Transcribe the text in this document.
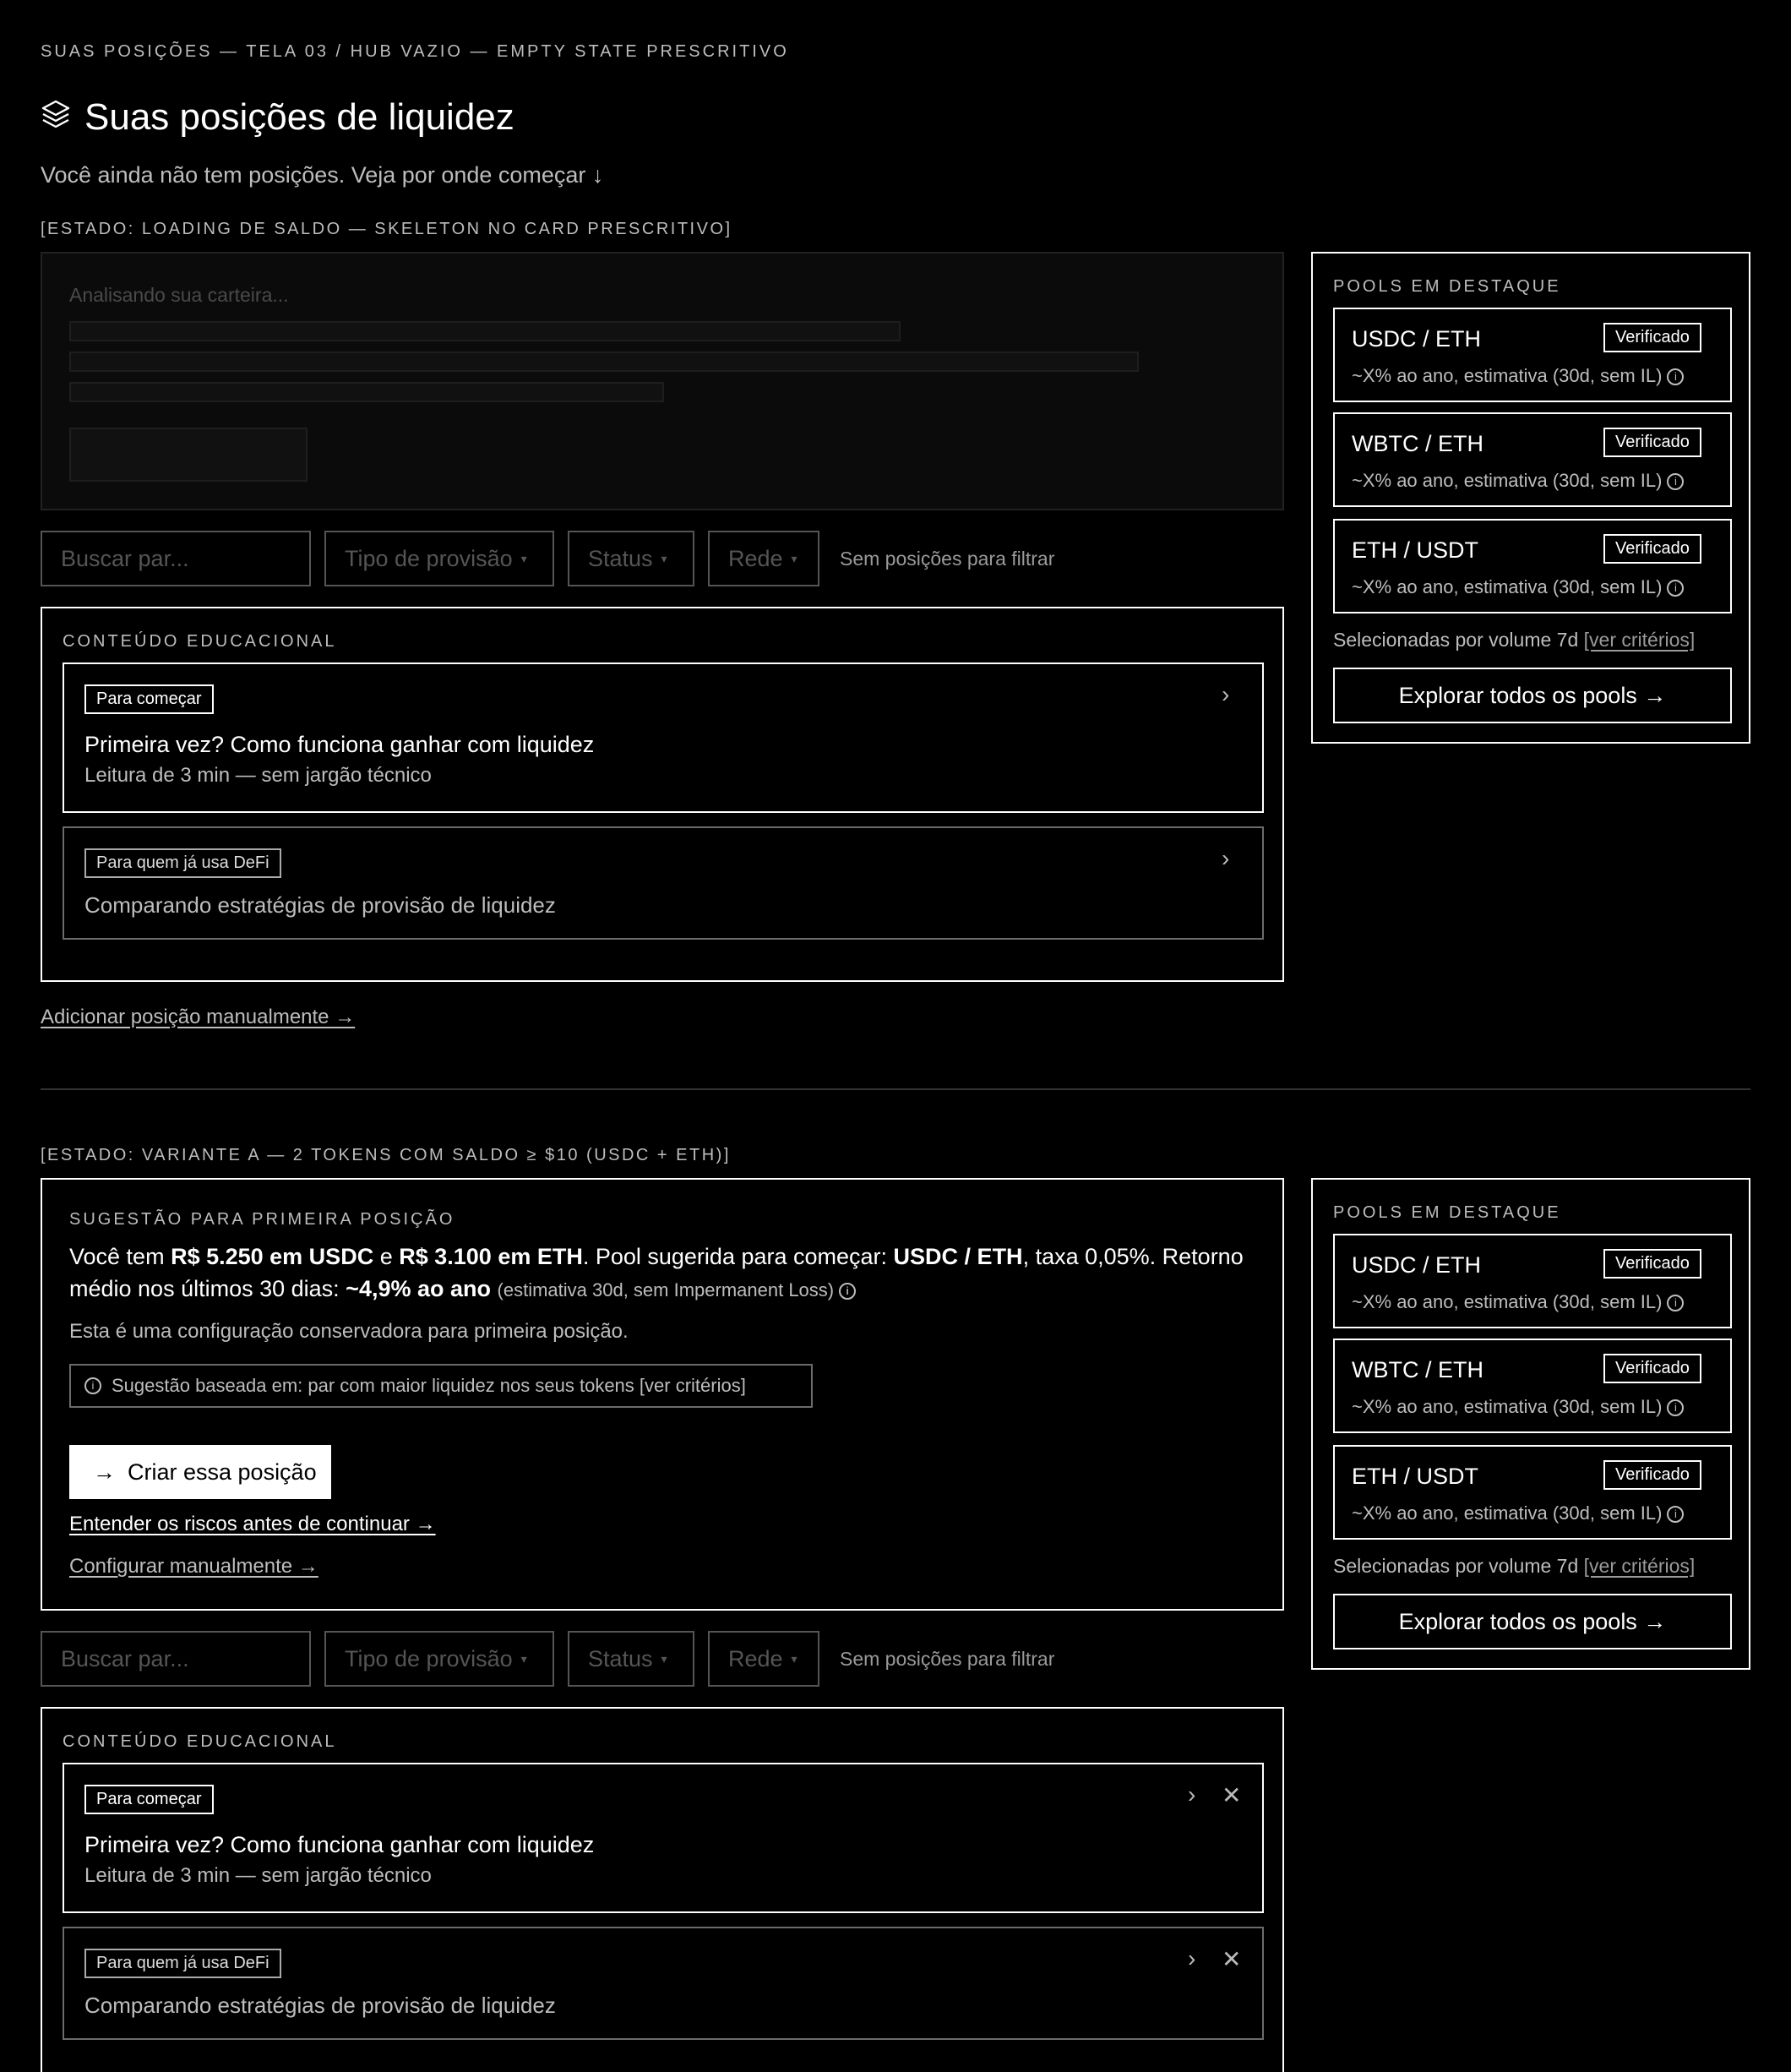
SUAS POSIÇÕES — TELA 03 / HUB VAZIO — EMPTY STATE PRESCRITIVO
Suas posições de liquidez
Você ainda não tem posições. Veja por onde começar ↓
[ESTADO: LOADING DE SALDO — SKELETON NO CARD PRESCRITIVO]
Analisando sua carteira...
Buscar par...	Tipo de provisão ▾	Status ▾	Rede ▾ Sem posições para filtrar
CONTEÚDO EDUCACIONAL
Para começar	›
Primeira vez? Como funciona ganhar com liquidez
Leitura de 3 min — sem jargão técnico
Para quem já usa DeFi	›
Comparando estratégias de provisão de liquidez
Adicionar posição manualmente →
POOLS EM DESTAQUE
USDC / ETH	Verificado
~X% ao ano, estimativa (30d, sem IL) i
WBTC / ETH	Verificado
~X% ao ano, estimativa (30d, sem IL) i
ETH / USDT	Verificado
~X% ao ano, estimativa (30d, sem IL) i
Selecionadas por volume 7d [ver critérios]
Explorar todos os pools →
[ESTADO: VARIANTE A — 2 TOKENS COM SALDO ≥ $10 (USDC + ETH)]
SUGESTÃO PARA PRIMEIRA POSIÇÃO
Você tem R$ 5.250 em USDC e R$ 3.100 em ETH. Pool sugerida para começar: USDC / ETH, taxa 0,05%. Retorno médio nos últimos 30 dias: ~4,9% ao ano (estimativa 30d, sem Impermanent Loss) i
Esta é uma configuração conservadora para primeira posição.
i Sugestão baseada em: par com maior liquidez nos seus tokens [ver critérios]
→ Criar essa posição
Entender os riscos antes de continuar →
Configurar manualmente →
Buscar par...	Tipo de provisão ▾	Status ▾	Rede ▾ Sem posições para filtrar
CONTEÚDO EDUCACIONAL
Para começar	› ✕
Primeira vez? Como funciona ganhar com liquidez
Leitura de 3 min — sem jargão técnico
Para quem já usa DeFi	› ✕
Comparando estratégias de provisão de liquidez
POOLS EM DESTAQUE
USDC / ETH	Verificado
~X% ao ano, estimativa (30d, sem IL) i
WBTC / ETH	Verificado
~X% ao ano, estimativa (30d, sem IL) i
ETH / USDT	Verificado
~X% ao ano, estimativa (30d, sem IL) i
Selecionadas por volume 7d [ver critérios]
Explorar todos os pools →
